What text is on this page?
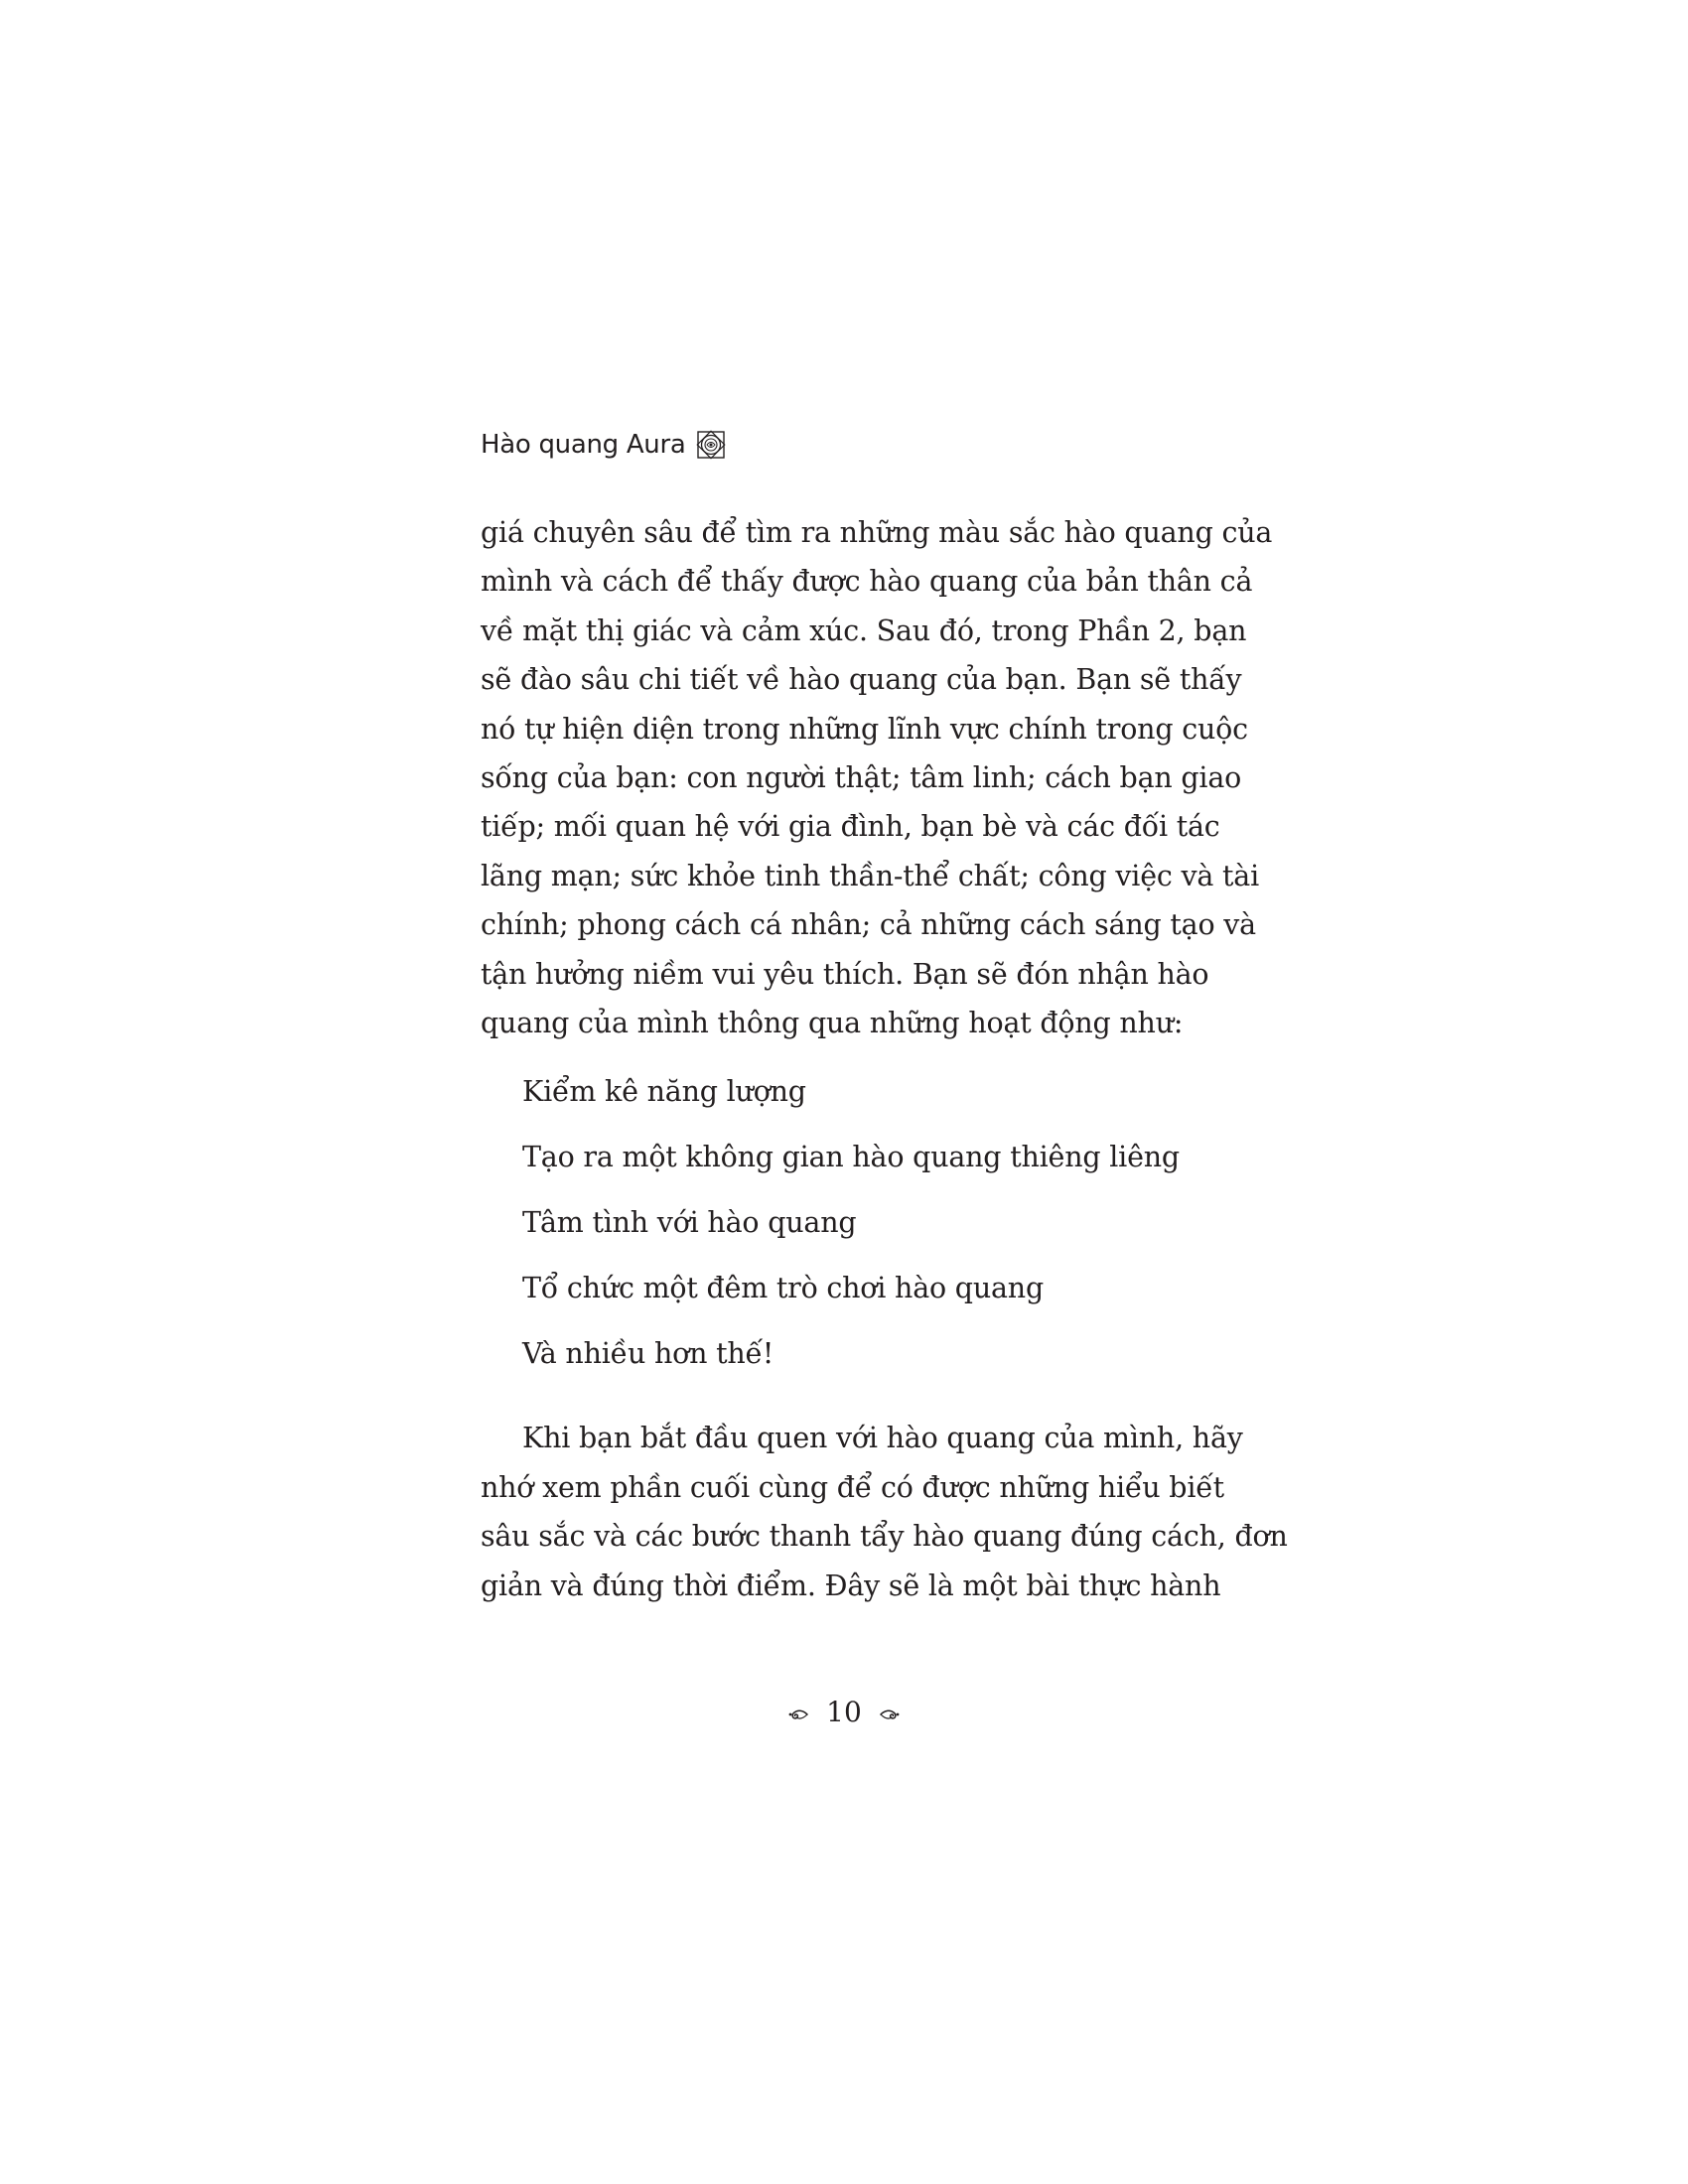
Hào quang Aura

giá chuyên sâu để tìm ra những màu sắc hào quang của
mình và cách để thấy được hào quang của bản thân cả
về mặt thị giác và cảm xúc. Sau đó, trong Phần 2, bạn
sẽ đào sâu chi tiết về hào quang của bạn. Bạn sẽ thấy
nó tự hiện diện trong những lĩnh vực chính trong cuộc
sống của bạn: con người thật; tâm linh; cách bạn giao
tiếp; mối quan hệ với gia đình, bạn bè và các đối tác
lãng mạn; sức khỏe tinh thần-thể chất; công việc và tài
chính; phong cách cá nhân; cả những cách sáng tạo và
tận hưởng niềm vui yêu thích. Bạn sẽ đón nhận hào
quang của mình thông qua những hoạt động như:

Kiểm kê năng lượng

Tạo ra một không gian hào quang thiêng liêng

Tâm tình với hào quang

Tổ chức một đêm trò chơi hào quang

Và nhiều hơn thế!

Khi bạn bắt đầu quen với hào quang của mình, hãy
nhớ xem phần cuối cùng để có được những hiểu biết
sâu sắc và các bước thanh tẩy hào quang đúng cách, đơn
giản và đúng thời điểm. Đây sẽ là một bài thực hành

10
